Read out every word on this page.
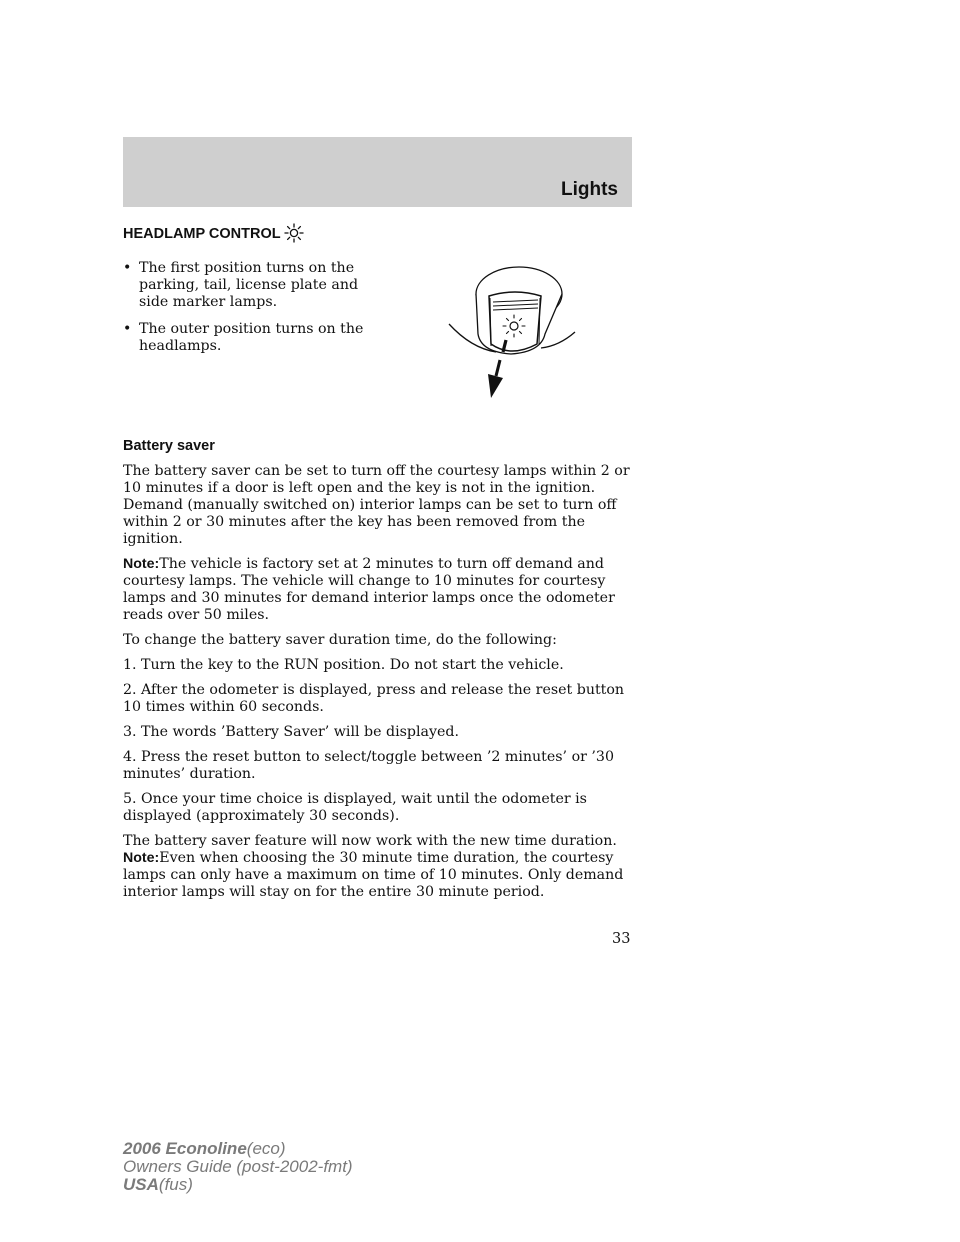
Lights
HEADLAMP CONTROL
• The first position turns on the parking, tail, license plate and side marker lamps.
• The outer position turns on the headlamps.
Battery saver

The battery saver can be set to turn off the courtesy lamps within 2 or 10 minutes if a door is left open and the key is not in the ignition. Demand (manually switched on) interior lamps can be set to turn off within 2 or 30 minutes after the key has been removed from the ignition.

Note:The vehicle is factory set at 2 minutes to turn off demand and courtesy lamps. The vehicle will change to 10 minutes for courtesy lamps and 30 minutes for demand interior lamps once the odometer reads over 50 miles.

To change the battery saver duration time, do the following:

1. Turn the key to the RUN position. Do not start the vehicle.

2. After the odometer is displayed, press and release the reset button 10 times within 60 seconds.

3. The words ’Battery Saver’ will be displayed.

4. Press the reset button to select/toggle between ’2 minutes’ or ’30 minutes’ duration.

5. Once your time choice is displayed, wait until the odometer is displayed (approximately 30 seconds).

The battery saver feature will now work with the new time duration.

Note:Even when choosing the 30 minute time duration, the courtesy lamps can only have a maximum on time of 10 minutes. Only demand interior lamps will stay on for the entire 30 minute period.

33
2006 Econoline(eco)
Owners Guide (post-2002-fmt)
USA(fus)
